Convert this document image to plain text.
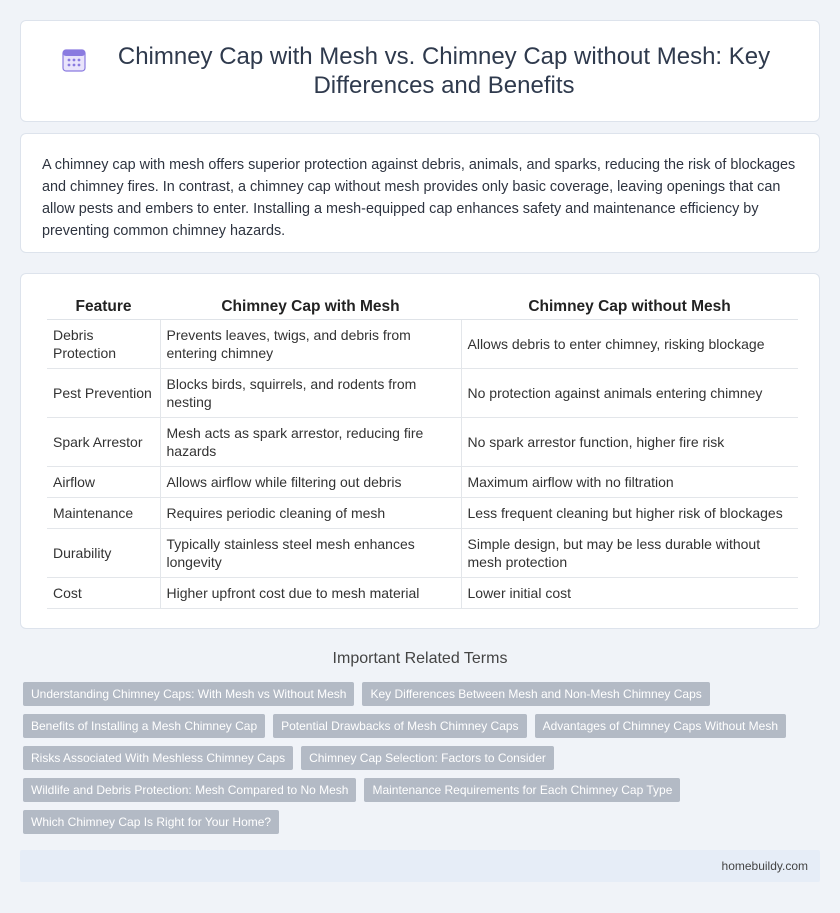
Chimney Cap with Mesh vs. Chimney Cap without Mesh: Key Differences and Benefits

A chimney cap with mesh offers superior protection against debris, animals, and sparks, reducing the risk of blockages and chimney fires. In contrast, a chimney cap without mesh provides only basic coverage, leaving openings that can allow pests and embers to enter. Installing a mesh-equipped cap enhances safety and maintenance efficiency by preventing common chimney hazards.

Feature	Chimney Cap with Mesh	Chimney Cap without Mesh
Debris Protection	Prevents leaves, twigs, and debris from entering chimney	Allows debris to enter chimney, risking blockage
Pest Prevention	Blocks birds, squirrels, and rodents from nesting	No protection against animals entering chimney
Spark Arrestor	Mesh acts as spark arrestor, reducing fire hazards	No spark arrestor function, higher fire risk
Airflow	Allows airflow while filtering out debris	Maximum airflow with no filtration
Maintenance	Requires periodic cleaning of mesh	Less frequent cleaning but higher risk of blockages
Durability	Typically stainless steel mesh enhances longevity	Simple design, but may be less durable without mesh protection
Cost	Higher upfront cost due to mesh material	Lower initial cost
Important Related Terms
Understanding Chimney Caps: With Mesh vs Without Mesh	Key Differences Between Mesh and Non-Mesh Chimney Caps
Benefits of Installing a Mesh Chimney Cap	Potential Drawbacks of Mesh Chimney Caps	Advantages of Chimney Caps Without Mesh
Risks Associated With Meshless Chimney Caps	Chimney Cap Selection: Factors to Consider
Wildlife and Debris Protection: Mesh Compared to No Mesh	Maintenance Requirements for Each Chimney Cap Type
Which Chimney Cap Is Right for Your Home?
homebuildy.com
